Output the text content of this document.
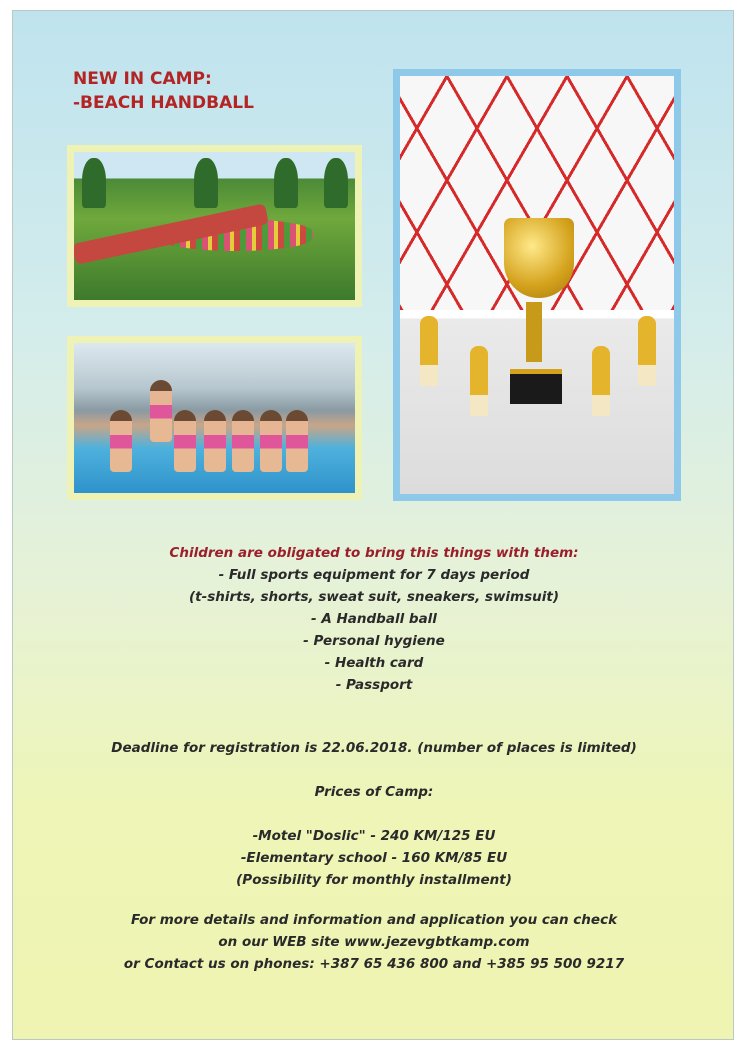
NEW IN CAMP:
-BEACH HANDBALL
Children are obligated to bring this things with them:
- Full sports equipment for 7 days period
(t-shirts, shorts, sweat suit, sneakers, swimsuit)
- A Handball ball
- Personal hygiene
- Health card
- Passport
Deadline for registration is 22.06.2018. (number of places is limited)
Prices of Camp:
-Motel "Doslic" - 240 KM/125 EU
-Elementary school - 160 KM/85 EU
(Possibility for monthly installment)
For more details and information and application you can check
on our WEB site www.jezevgbtkamp.com
or Contact us on phones: +387 65 436 800 and +385 95 500 9217
